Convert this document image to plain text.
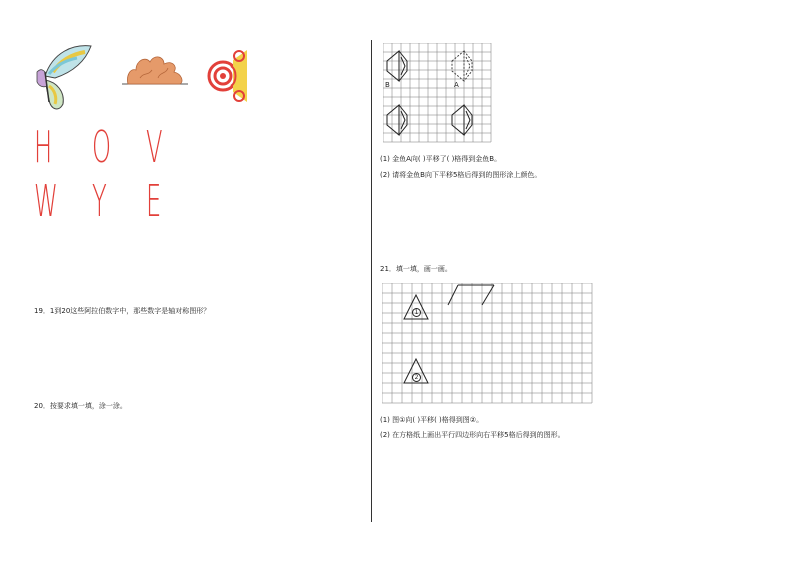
H O V
W Y E
19．1到20这些阿拉伯数字中，那些数字是轴对称图形？
20．按要求填一填，涂一涂。
B	A
(1) 金鱼A向( )平移了( )格得到金鱼B。
(2) 请将金鱼B向下平移5格后得到的图形涂上颜色。
21．填一填，画一画。
1
2
(1) 图①向( )平移( )格得到图②。
(2) 在方格纸上画出平行四边形向右平移5格后得到的图形。
